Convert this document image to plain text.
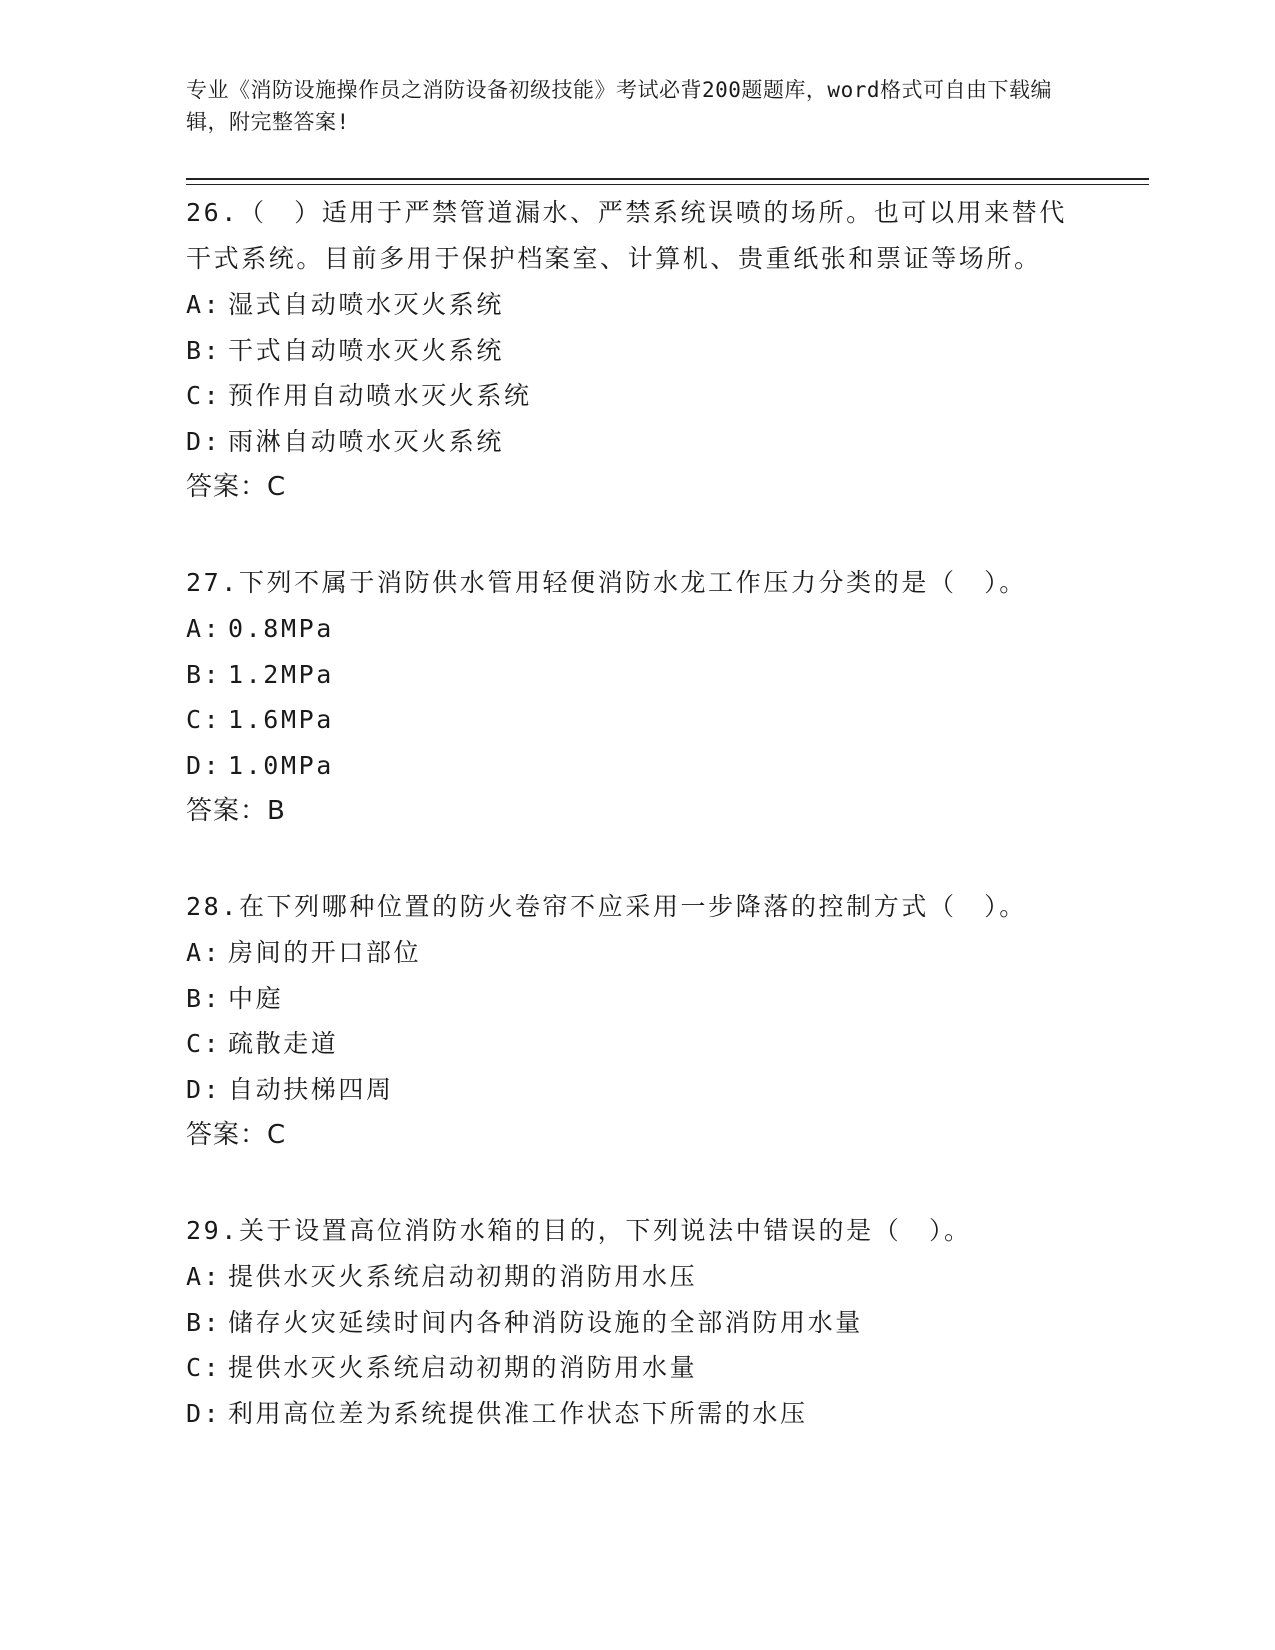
专业《消防设施操作员之消防设备初级技能》考试必背200题题库，word格式可自由下载编辑，附完整答案!
26.（　）适用于严禁管道漏水、严禁系统误喷的场所。也可以用来替代干式系统。目前多用于保护档案室、计算机、贵重纸张和票证等场所。
A: 湿式自动喷水灭火系统
B: 干式自动喷水灭火系统
C: 预作用自动喷水灭火系统
D: 雨淋自动喷水灭火系统
答案：C
27.下列不属于消防供水管用轻便消防水龙工作压力分类的是（　）。
A: 0.8MPa
B: 1.2MPa
C: 1.6MPa
D: 1.0MPa
答案：B
28.在下列哪种位置的防火卷帘不应采用一步降落的控制方式（　）。
A: 房间的开口部位
B: 中庭
C: 疏散走道
D: 自动扶梯四周
答案：C
29.关于设置高位消防水箱的目的，下列说法中错误的是（　）。
A: 提供水灭火系统启动初期的消防用水压
B: 储存火灾延续时间内各种消防设施的全部消防用水量
C: 提供水灭火系统启动初期的消防用水量
D: 利用高位差为系统提供准工作状态下所需的水压
